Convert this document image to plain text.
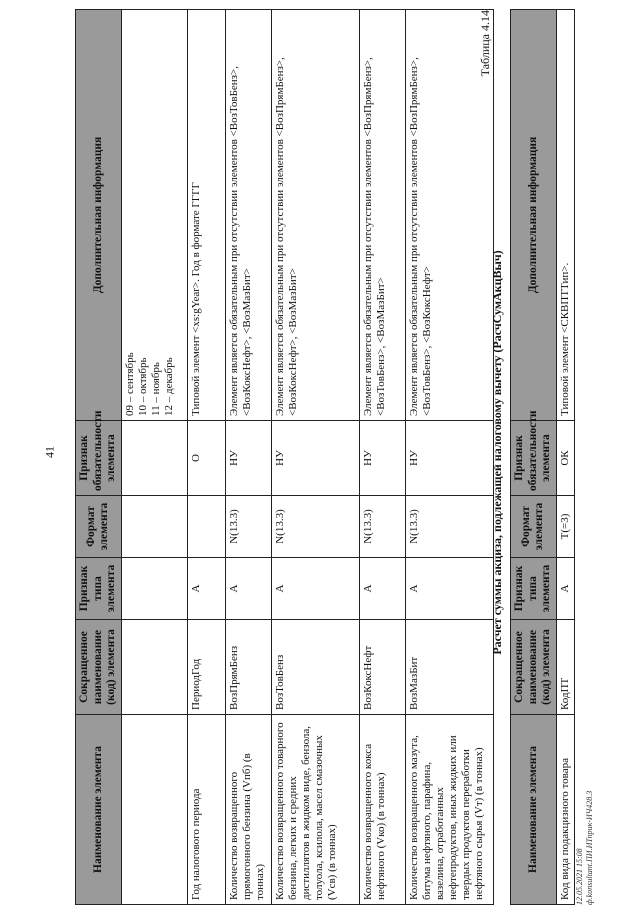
41
Наименование элемента	Сокращенное наименование (код) элемента	Признак типа элемента	Формат элемента	Признак обязательности элемента	Дополнительная информация

					09 – сентябрь 10 – октябрь 11 – ноябрь 12 – декабрь

Год налогового периода	ПериодГод	А		О	Типовой элемент <xs:gYear>. Год в формате ГГГГ
Количество возвращенного прямогонного бензина (Vпб) (в тоннах)	ВозПрямБенз	А	N(13.3)	НУ	Элемент является обязательным при отсутствии элементов <ВозТовБенз>, <ВозКоксНефт>, <ВозМазБит>
Количество возвращенного товарного бензина, легких и средних дистиллятов в жидком виде, бензола, толуола, ксилола, масел смазочных (Vсв) (в тоннах)	ВозТовБенз	А	N(13.3)	НУ	Элемент является обязательным при отсутствии элементов <ВозПрямБенз>, <ВозКоксНефт>, <ВозМазБит>
Количество возвращенного кокса нефтяного (Vко) (в тоннах)	ВозКоксНефт	А	N(13.3)	НУ	Элемент является обязательным при отсутствии элементов <ВозПрямБенз>, <ВозТовБенз>, <ВозМазБит>
Количество возвращенного мазута, битума нефтяного, парафина, вазелина, отработанных нефтепродуктов, иных жидких или твердых продуктов переработки нефтяного сырья (Vт) (в тоннах)	ВозМазБит	А	N(13.3)	НУ	Элемент является обязательным при отсутствии элементов <ВозПрямБенз>, <ВозТовБенз>, <ВозКоксНефт>
Таблица 4.14
Расчет суммы акциза, подлежащей налоговому вычету (РасчСумАкцВыч)
Наименование элемента	Сокращенное наименование (код) элемента	Признак типа элемента	Формат элемента	Признак обязательности элемента	Дополнительная информация
Код вида подакцизного товара	КодПТ	А	T(=3)	ОК	Типовой элемент <СКВПТТип>.
12.05.2021 15:08 ф.konsultant.ПИ.ИТприк-ИЧ428.3
